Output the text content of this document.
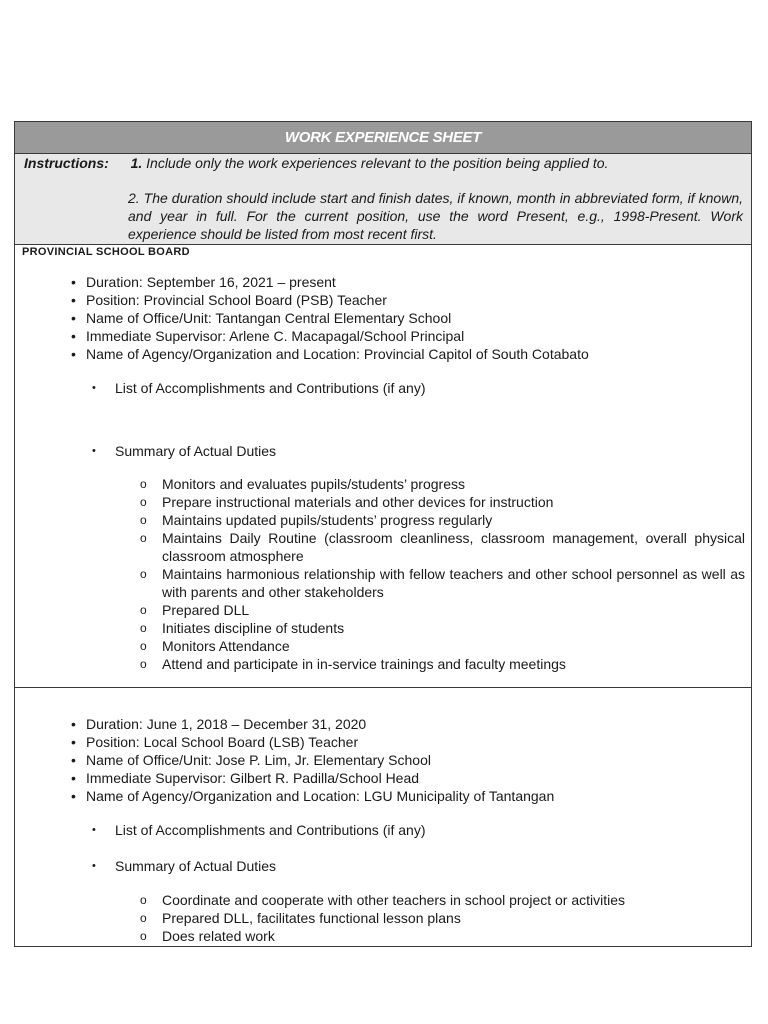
WORK EXPERIENCE SHEET
Instructions: 1. Include only the work experiences relevant to the position being applied to.
2. The duration should include start and finish dates, if known, month in abbreviated form, if known, and year in full. For the current position, use the word Present, e.g., 1998-Present. Work experience should be listed from most recent first.
PROVINCIAL SCHOOL BOARD
• Duration: September 16, 2021 – present
• Position: Provincial School Board (PSB) Teacher
• Name of Office/Unit: Tantangan Central Elementary School
• Immediate Supervisor: Arlene C. Macapagal/School Principal
• Name of Agency/Organization and Location: Provincial Capitol of South Cotabato
• List of Accomplishments and Contributions (if any)
• Summary of Actual Duties
o Monitors and evaluates pupils/students’ progress
o Prepare instructional materials and other devices for instruction
o Maintains updated pupils/students’ progress regularly
o Maintains Daily Routine (classroom cleanliness, classroom management, overall physical classroom atmosphere
o Maintains harmonious relationship with fellow teachers and other school personnel as well as with parents and other stakeholders
o Prepared DLL
o Initiates discipline of students
o Monitors Attendance
o Attend and participate in in-service trainings and faculty meetings
• Duration: June 1, 2018 – December 31, 2020
• Position: Local School Board (LSB) Teacher
• Name of Office/Unit: Jose P. Lim, Jr. Elementary School
• Immediate Supervisor: Gilbert R. Padilla/School Head
• Name of Agency/Organization and Location: LGU Municipality of Tantangan
• List of Accomplishments and Contributions (if any)
• Summary of Actual Duties
o Coordinate and cooperate with other teachers in school project or activities
o Prepared DLL, facilitates functional lesson plans
o Does related work
